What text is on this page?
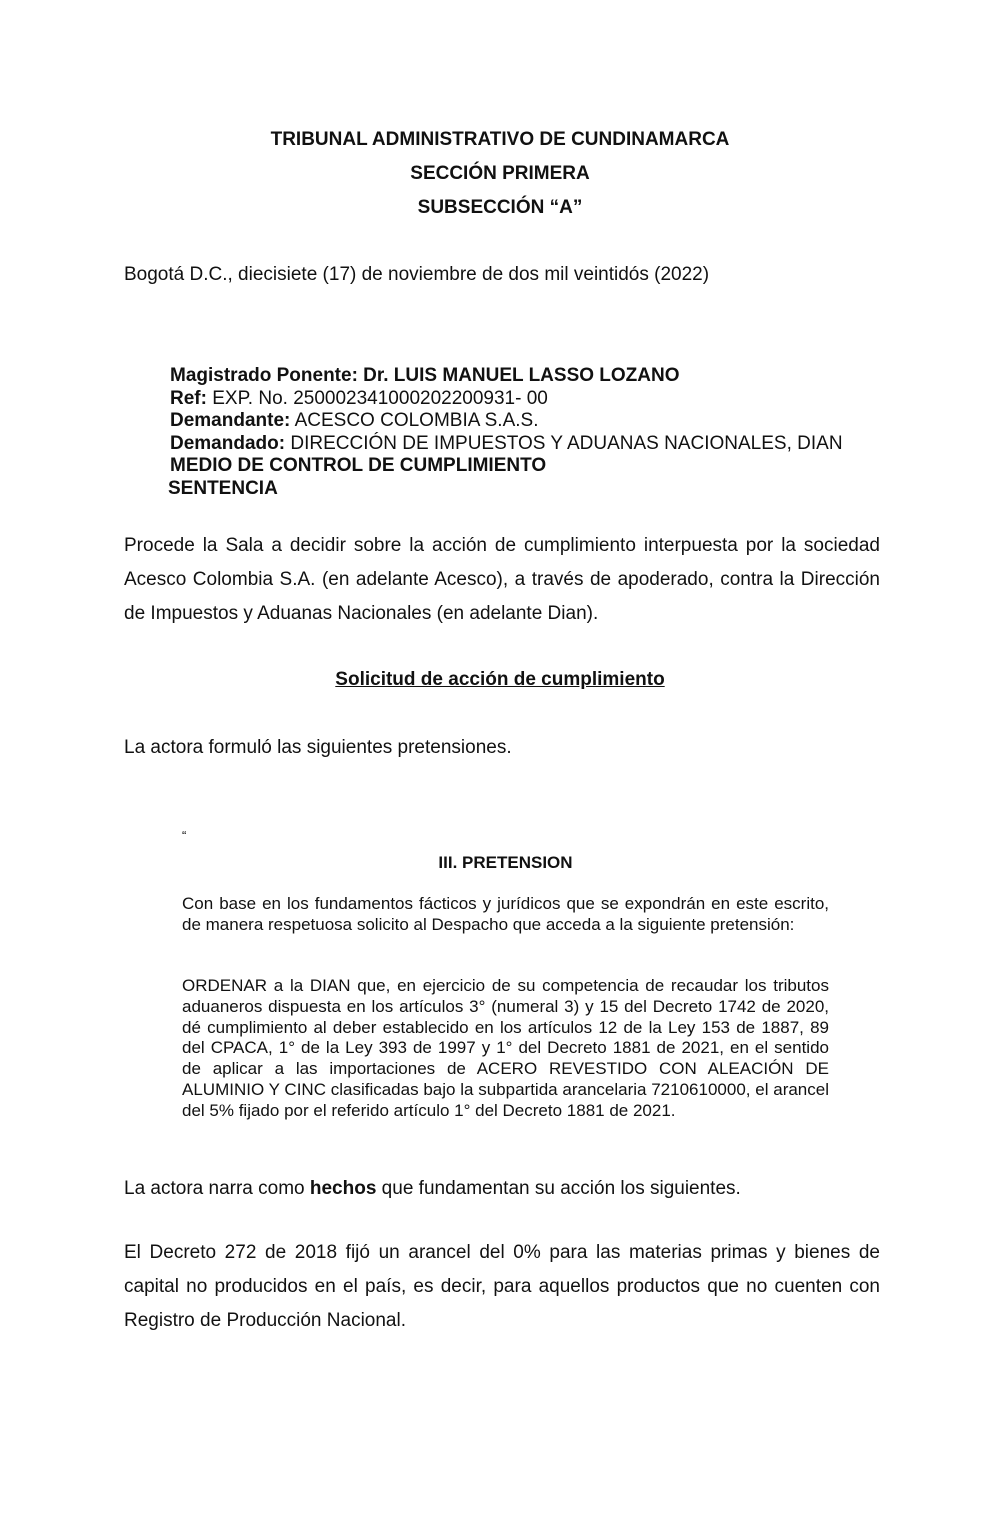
TRIBUNAL ADMINISTRATIVO DE CUNDINAMARCA
SECCIÓN PRIMERA
SUBSECCIÓN “A”
Bogotá D.C., diecisiete (17) de noviembre de dos mil veintidós (2022)
Magistrado Ponente: Dr. LUIS MANUEL LASSO LOZANO
Ref: EXP. No. 250002341000202200931- 00
Demandante: ACESCO COLOMBIA S.A.S.
Demandado: DIRECCIÓN DE IMPUESTOS Y ADUANAS NACIONALES, DIAN
MEDIO DE CONTROL DE CUMPLIMIENTO
SENTENCIA
Procede la Sala a decidir sobre la acción de cumplimiento interpuesta por la sociedad Acesco Colombia S.A. (en adelante Acesco), a través de apoderado, contra la Dirección de Impuestos y Aduanas Nacionales (en adelante Dian).
Solicitud de acción de cumplimiento
La actora formuló las siguientes pretensiones.
“
III. PRETENSION
Con base en los fundamentos fácticos y jurídicos que se expondrán en este escrito, de manera respetuosa solicito al Despacho que acceda a la siguiente pretensión:
ORDENAR a la DIAN que, en ejercicio de su competencia de recaudar los tributos aduaneros dispuesta en los artículos 3° (numeral 3) y 15 del Decreto 1742 de 2020, dé cumplimiento al deber establecido en los artículos 12 de la Ley 153 de 1887, 89 del CPACA, 1° de la Ley 393 de 1997 y 1° del Decreto 1881 de 2021, en el sentido de aplicar a las importaciones de ACERO REVESTIDO CON ALEACIÓN DE ALUMINIO Y CINC clasificadas bajo la subpartida arancelaria 7210610000, el arancel del 5% fijado por el referido artículo 1° del Decreto 1881 de 2021.
La actora narra como hechos que fundamentan su acción los siguientes.
El Decreto 272 de 2018 fijó un arancel del 0% para las materias primas y bienes de capital no producidos en el país, es decir, para aquellos productos que no cuenten con Registro de Producción Nacional.
